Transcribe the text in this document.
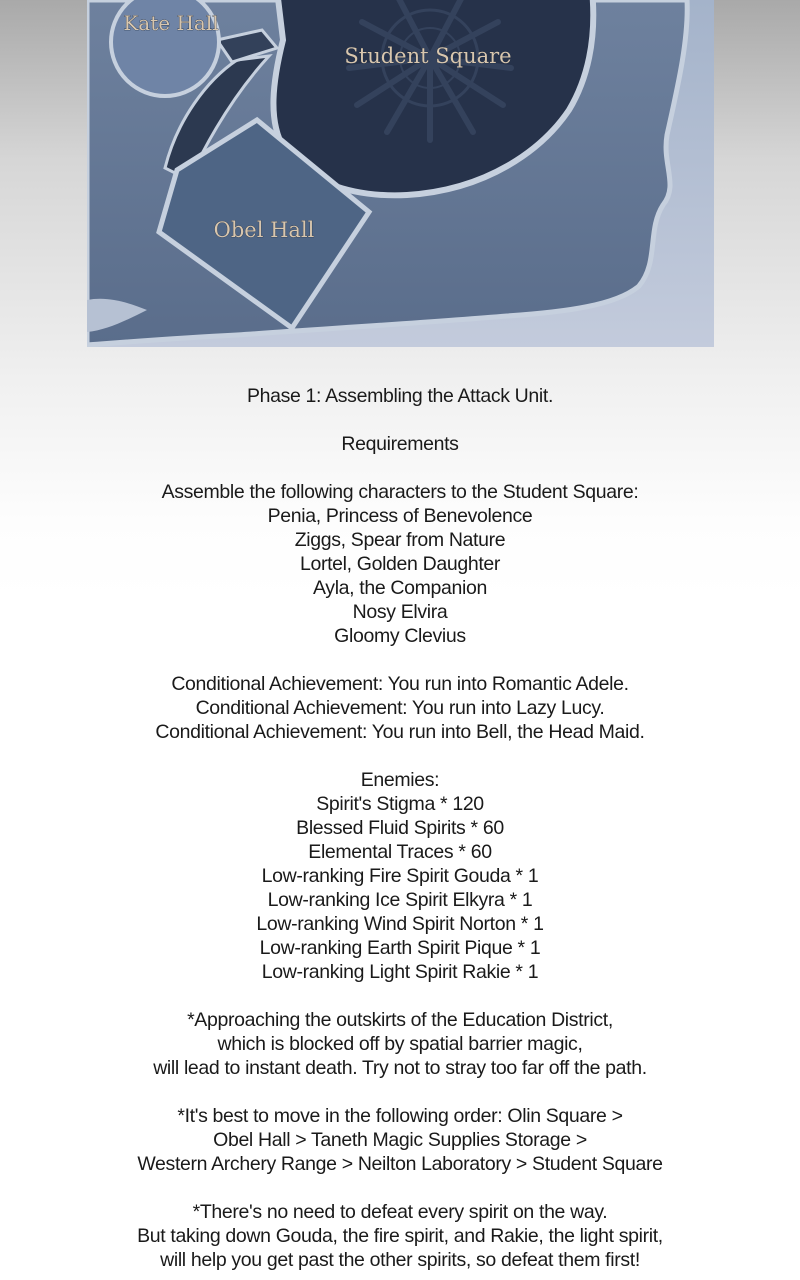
Kate Hall
Student Square
Obel Hall
Phase 1: Assembling the Attack Unit.
Requirements
Assemble the following characters to the Student Square:
Penia, Princess of Benevolence
Ziggs, Spear from Nature
Lortel, Golden Daughter
Ayla, the Companion
Nosy Elvira
Gloomy Clevius
Conditional Achievement: You run into Romantic Adele.
Conditional Achievement: You run into Lazy Lucy.
Conditional Achievement: You run into Bell, the Head Maid.
Enemies:
Spirit's Stigma * 120
Blessed Fluid Spirits * 60
Elemental Traces * 60
Low-ranking Fire Spirit Gouda * 1
Low-ranking Ice Spirit Elkyra * 1
Low-ranking Wind Spirit Norton * 1
Low-ranking Earth Spirit Pique * 1
Low-ranking Light Spirit Rakie * 1
*Approaching the outskirts of the Education District,
which is blocked off by spatial barrier magic,
will lead to instant death. Try not to stray too far off the path.
*It's best to move in the following order: Olin Square >
Obel Hall > Taneth Magic Supplies Storage >
Western Archery Range > Neilton Laboratory > Student Square
*There's no need to defeat every spirit on the way.
But taking down Gouda, the fire spirit, and Rakie, the light spirit,
will help you get past the other spirits, so defeat them first!
